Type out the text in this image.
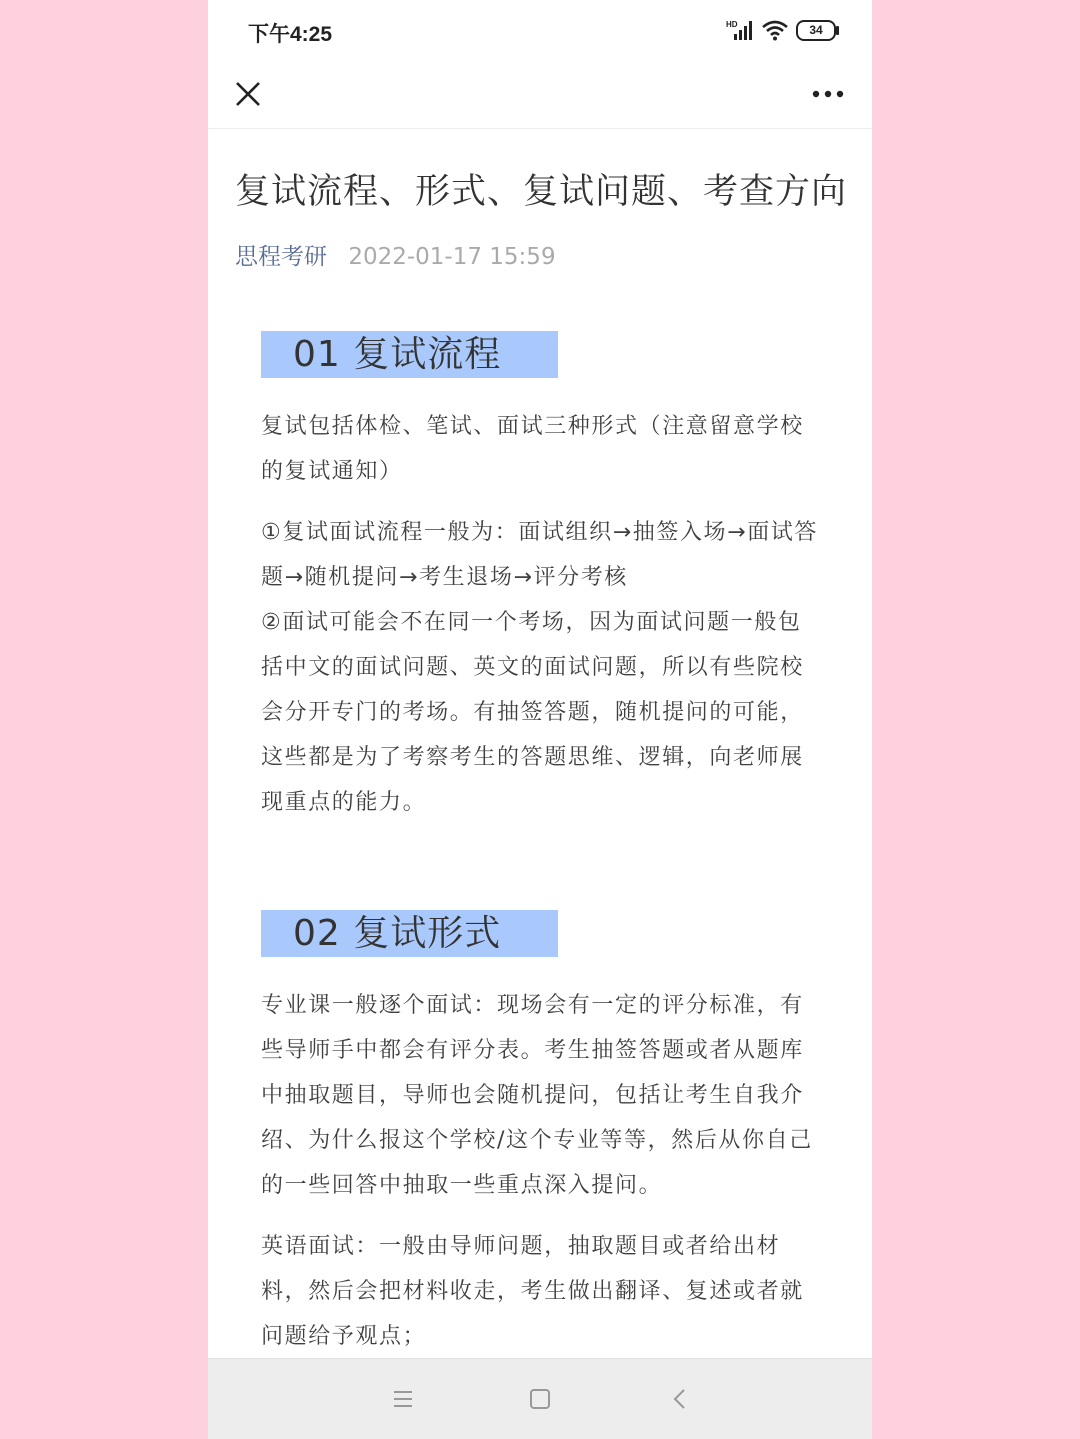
下午4:25	HD	34
复试流程、形式、复试问题、考查方向
思程考研 2022-01-17 15:59
01 复试流程
复试包括体检、笔试、面试三种形式（注意留意学校的复试通知）
①复试面试流程一般为：面试组织→抽签入场→面试答题→随机提问→考生退场→评分考核
②面试可能会不在同一个考场，因为面试问题一般包括中文的面试问题、英文的面试问题，所以有些院校会分开专门的考场。有抽签答题，随机提问的可能，这些都是为了考察考生的答题思维、逻辑，向老师展现重点的能力。
02 复试形式
专业课一般逐个面试：现场会有一定的评分标准，有些导师手中都会有评分表。考生抽签答题或者从题库中抽取题目，导师也会随机提问，包括让考生自我介绍、为什么报这个学校/这个专业等等，然后从你自己的一些回答中抽取一些重点深入提问。
英语面试：一般由导师问题，抽取题目或者给出材料，然后会把材料收走，考生做出翻译、复述或者就问题给予观点；
